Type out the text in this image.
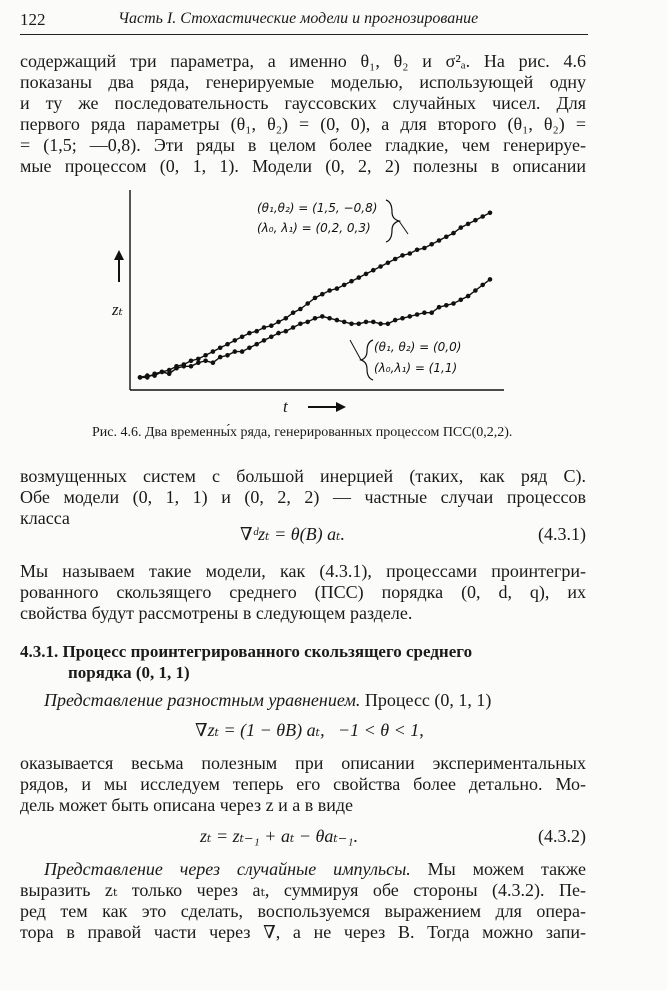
122	Часть I. Стохастические модели и прогнозирование
содержащий три параметра, а именно θ₁, θ₂ и σ²ₐ. На рис. 4.6
показаны два ряда, генерируемые моделью, использующей одну
и ту же последовательность гауссовских случайных чисел. Для
первого ряда параметры (θ₁, θ₂) = (0, 0), а для второго (θ₁, θ₂) =
= (1,5; —0,8). Эти ряды в целом более гладкие, чем генерируе-
мые процессом (0, 1, 1). Модели (0, 2, 2) полезны в описании
(θ₁,θ₂) = (1,5, −0,8)
(λ₀, λ₁) = (0,2, 0,3)
(θ₁, θ₂) = (0,0)
(λ₀,λ₁) = (1,1)
zₜ
t
Рис. 4.6. Два временны́х ряда, генерированных процессом ПСС(0,2,2).
возмущенных систем с большой инерцией (таких, как ряд С).
Обе модели (0, 1, 1) и (0, 2, 2) — частные случаи процессов
класса
∇ᵈzₜ = θ(B) aₜ.	(4.3.1)
Мы называем такие модели, как (4.3.1), процессами проинтегри-
рованного скользящего среднего (ПСС) порядка (0, d, q), их
свойства будут рассмотрены в следующем разделе.
4.3.1. Процесс проинтегрированного скользящего среднего
порядка (0, 1, 1)
Представление разностным уравнением. Процесс (0, 1, 1)
∇zₜ = (1 − θB) aₜ, −1 < θ < 1,
оказывается весьма полезным при описании экспериментальных
рядов, и мы исследуем теперь его свойства более детально. Мо-
дель может быть описана через z и a в виде
zₜ = zₜ₋₁ + aₜ − θaₜ₋₁.	(4.3.2)
Представление через случайные импульсы. Мы можем также
выразить zₜ только через aₜ, суммируя обе стороны (4.3.2). Пе-
ред тем как это сделать, воспользуемся выражением для опера-
тора в правой части через ∇, а не через B. Тогда можно запи-
